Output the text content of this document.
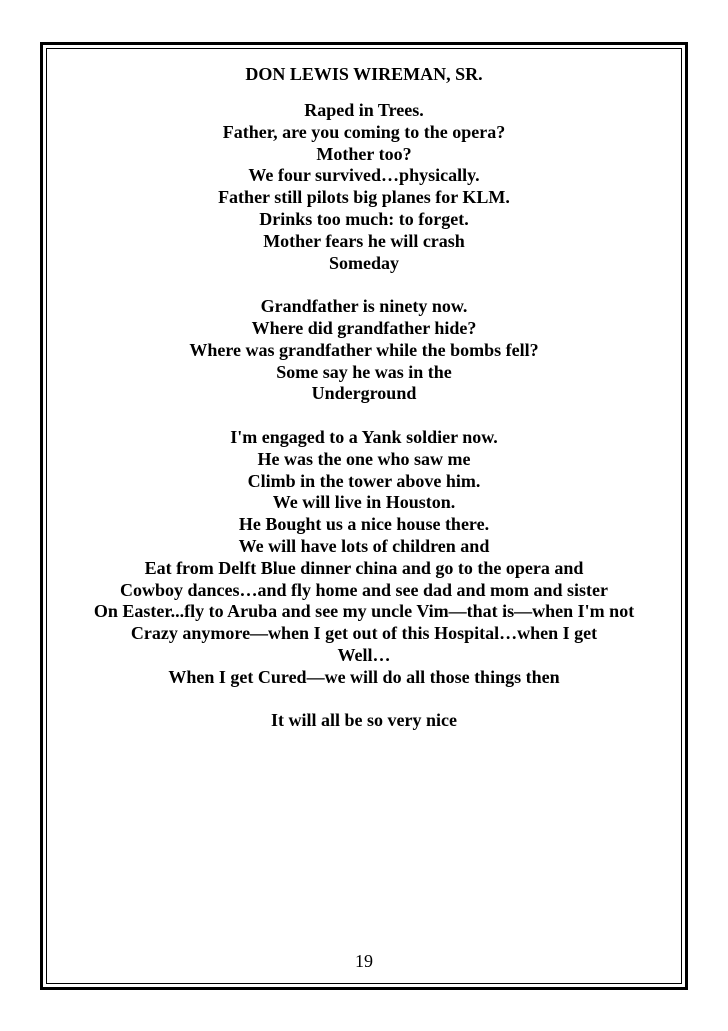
DON LEWIS WIREMAN, SR.
Raped in Trees.
Father, are you coming to the opera?
Mother too?
We four survived…physically.
Father still pilots big planes for KLM.
Drinks too much: to forget.
Mother fears he will crash
Someday
Grandfather is ninety now.
Where did grandfather hide?
Where was grandfather while the bombs fell?
Some say he was in the
Underground
I'm engaged to a Yank soldier now.
He was the one who saw me
Climb in the tower above him.
We will live in Houston.
He Bought us a nice house there.
We will have lots of children and
Eat from Delft Blue dinner china and go to the opera and
Cowboy dances…and fly home and see dad and mom and sister
On Easter...fly to Aruba and see my uncle Vim—that is—when I'm not
Crazy anymore—when I get out of this Hospital…when I get
Well…
When I get Cured—we will do all those things then
It will all be so very nice
19
